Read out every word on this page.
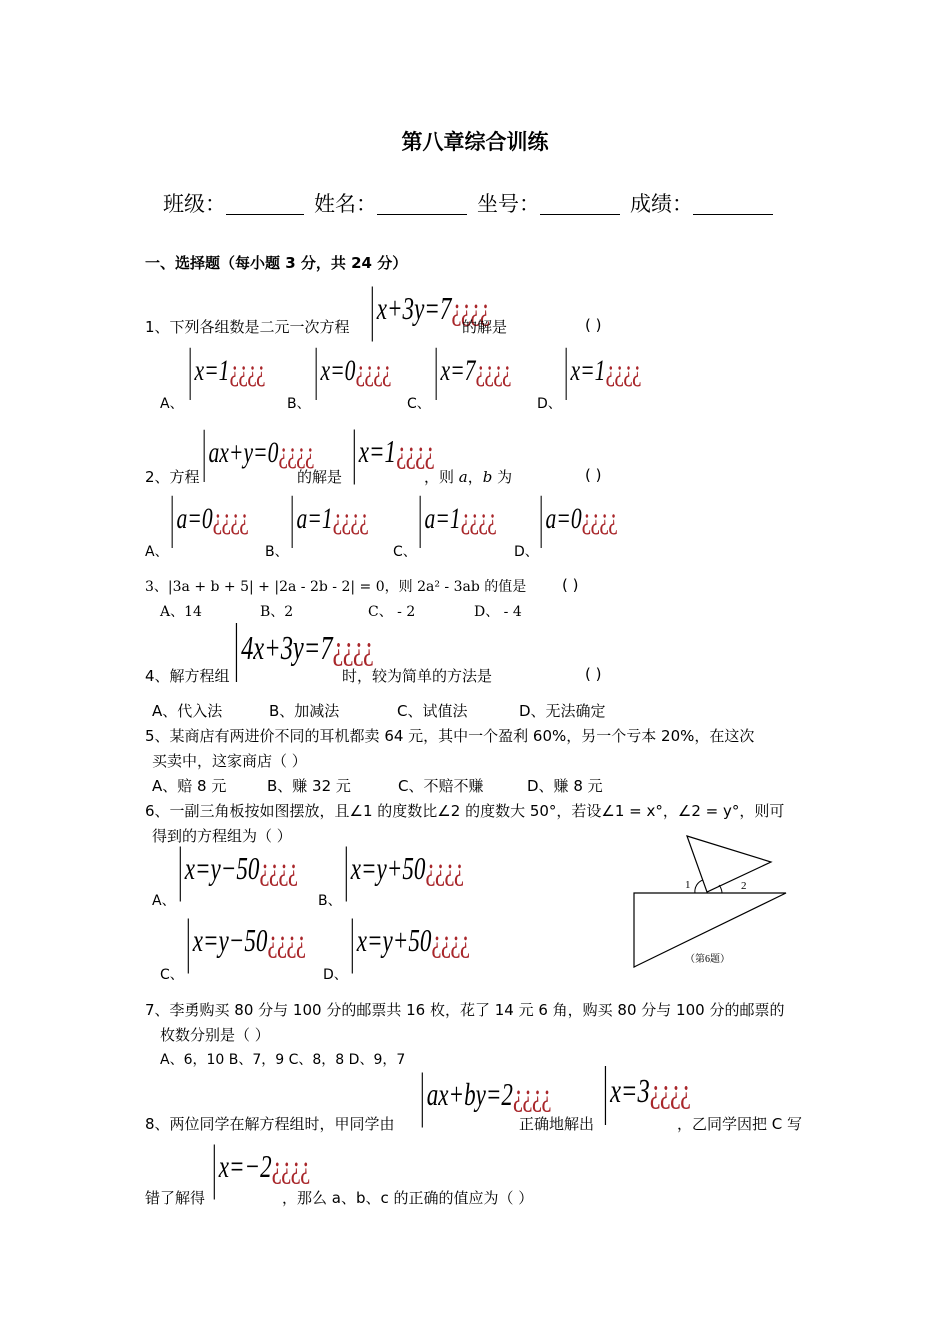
第八章综合训练
班级：	姓名：	坐号：	成绩：
一、选择题（每小题 3 分，共 24 分）
1、下列各组数是二元一次方程 |x+3y=7¿¿¿¿
的解是	( )
A、
|x=1¿¿¿¿
B、
|x=0¿¿¿¿
C、
|x=7¿¿¿¿
D、
|x=1¿¿¿¿
2、方程 |ax+y=0¿¿¿¿
的解是 |x=1¿¿¿¿
，则 a，b 为	( )
A、
|a=0¿¿¿¿
B、
|a=1¿¿¿¿
C、
|a=1¿¿¿¿
D、
|a=0¿¿¿¿
3、|3a + b + 5| + |2a - 2b - 2| = 0，则 2a² - 3ab 的值是 ( )
A、14	B、2	C、 - 2	D、 - 4
4、解方程组 |4x+3y=7¿¿¿¿
时，较为简单的方法是	( )
A、代入法	B、加减法	C、试值法	D、无法确定
5、某商店有两进价不同的耳机都卖 64 元，其中一个盈利 60%，另一个亏本 20%，在这次
买卖中，这家商店（ ）
A、赔 8 元	B、赚 32 元	C、不赔不赚	D、赚 8 元
6、一副三角板按如图摆放，且∠1 的度数比∠2 的度数大 50°，若设∠1 = x°，∠2 = y°，则可
得到的方程组为（ ）
A、 |x=y−50¿¿¿¿
B、 |x=y+50¿¿¿¿
C、
|x=y−50¿¿¿¿
D、
|x=y+50¿¿¿¿
1	2
（第6题）
7、李勇购买 80 分与 100 分的邮票共 16 枚，花了 14 元 6 角，购买 80 分与 100 分的邮票的
枚数分别是（ ）
A、6，10 B、7，9 C、8，8 D、9，7
8、两位同学在解方程组时，甲同学由 |ax+by=2¿¿¿¿
正确地解出 |x=3¿¿¿¿
，乙同学因把 C 写
错了解得 |x=−2¿¿¿¿
，那么 a、b、c 的正确的值应为（ ）
